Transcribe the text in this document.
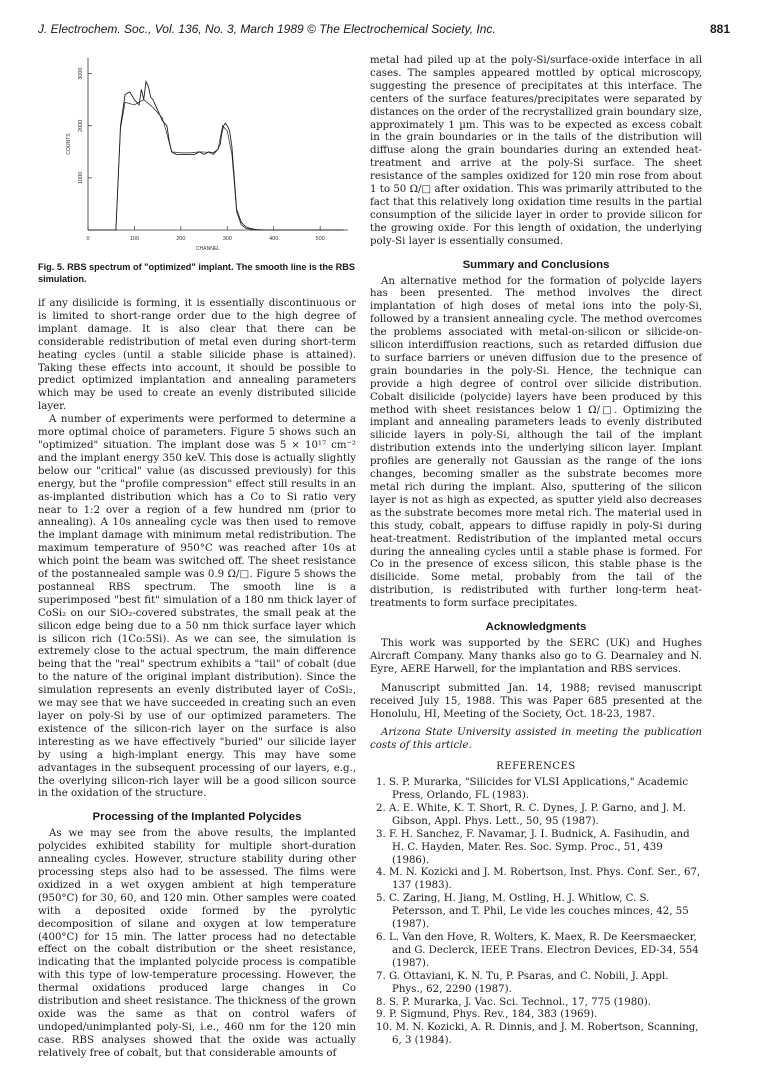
J. Electrochem. Soc., Vol. 136, No. 3, March 1989 © The Electrochemical Society, Inc.	881
0	100	200	300	400	500
1000
2000
3000
CHANNEL
COUNTS
Fig. 5. RBS spectrum of "optimized" implant. The smooth line is the RBS simulation.

if any disilicide is forming, it is essentially discontinuous or is limited to short-range order due to the high degree of implant damage. It is also clear that there can be considerable redistribution of metal even during short-term heating cycles (until a stable silicide phase is attained). Taking these effects into account, it should be possible to predict optimized implantation and annealing parameters which may be used to create an evenly distributed silicide layer.

A number of experiments were performed to determine a more optimal choice of parameters. Figure 5 shows such an "optimized" situation. The implant dose was 5 × 10¹⁷ cm⁻² and the implant energy 350 keV. This dose is actually slightly below our "critical" value (as discussed previously) for this energy, but the "profile compression" effect still results in an as-implanted distribution which has a Co to Si ratio very near to 1:2 over a region of a few hundred nm (prior to annealing). A 10s annealing cycle was then used to remove the implant damage with minimum metal redistribution. The maximum temperature of 950°C was reached after 10s at which point the beam was switched off. The sheet resistance of the postannealed sample was 0.9 Ω/□. Figure 5 shows the postanneal RBS spectrum. The smooth line is a superimposed "best fit" simulation of a 180 nm thick layer of CoSi₂ on our SiO₂-covered substrates, the small peak at the silicon edge being due to a 50 nm thick surface layer which is silicon rich (1Co:5Si). As we can see, the simulation is extremely close to the actual spectrum, the main difference being that the "real" spectrum exhibits a "tail" of cobalt (due to the nature of the original implant distribution). Since the simulation represents an evenly distributed layer of CoSi₂, we may see that we have succeeded in creating such an even layer on poly-Si by use of our optimized parameters. The existence of the silicon-rich layer on the surface is also interesting as we have effectively "buried" our silicide layer by using a high-implant energy. This may have some advantages in the subsequent processing of our layers, e.g., the overlying silicon-rich layer will be a good silicon source in the oxidation of the structure.

Processing of the Implanted Polycides

As we may see from the above results, the implanted polycides exhibited stability for multiple short-duration annealing cycles. However, structure stability during other processing steps also had to be assessed. The films were oxidized in a wet oxygen ambient at high temperature (950°C) for 30, 60, and 120 min. Other samples were coated with a deposited oxide formed by the pyrolytic decomposition of silane and oxygen at low temperature (400°C) for 15 min. The latter process had no detectable effect on the cobalt distribution or the sheet resistance, indicating that the implanted polycide process is compatible with this type of low-temperature processing. However, the thermal oxidations produced large changes in Co distribution and sheet resistance. The thickness of the grown oxide was the same as that on control wafers of undoped/unimplanted poly-Si, i.e., 460 nm for the 120 min case. RBS analyses showed that the oxide was actually relatively free of cobalt, but that considerable amounts of

metal had piled up at the poly-Si/surface-oxide interface in all cases. The samples appeared mottled by optical microscopy, suggesting the presence of precipitates at this interface. The centers of the surface features/precipitates were separated by distances on the order of the recrystallized grain boundary size, approximately 1 µm. This was to be expected as excess cobalt in the grain boundaries or in the tails of the distribution will diffuse along the grain boundaries during an extended heat-treatment and arrive at the poly-Si surface. The sheet resistance of the samples oxidized for 120 min rose from about 1 to 50 Ω/□ after oxidation. This was primarily attributed to the fact that this relatively long oxidation time results in the partial consumption of the silicide layer in order to provide silicon for the growing oxide. For this length of oxidation, the underlying poly-Si layer is essentially consumed.

Summary and Conclusions

An alternative method for the formation of polycide layers has been presented. The method involves the direct implantation of high doses of metal ions into the poly-Si, followed by a transient annealing cycle. The method overcomes the problems associated with metal-on-silicon or silicide-on-silicon interdiffusion reactions, such as retarded diffusion due to surface barriers or uneven diffusion due to the presence of grain boundaries in the poly-Si. Hence, the technique can provide a high degree of control over silicide distribution. Cobalt disilicide (polycide) layers have been produced by this method with sheet resistances below 1 Ω/□. Optimizing the implant and annealing parameters leads to evenly distributed silicide layers in poly-Si, although the tail of the implant distribution extends into the underlying silicon layer. Implant profiles are generally not Gaussian as the range of the ions changes, becoming smaller as the substrate becomes more metal rich during the implant. Also, sputtering of the silicon layer is not as high as expected, as sputter yield also decreases as the substrate becomes more metal rich. The material used in this study, cobalt, appears to diffuse rapidly in poly-Si during heat-treatment. Redistribution of the implanted metal occurs during the annealing cycles until a stable phase is formed. For Co in the presence of excess silicon, this stable phase is the disilicide. Some metal, probably from the tail of the distribution, is redistributed with further long-term heat-treatments to form surface precipitates.

Acknowledgments

This work was supported by the SERC (UK) and Hughes Aircraft Company. Many thanks also go to G. Dearnaley and N. Eyre, AERE Harwell, for the implantation and RBS services.

Manuscript submitted Jan. 14, 1988; revised manuscript received July 15, 1988. This was Paper 685 presented at the Honolulu, HI, Meeting of the Society, Oct. 18-23, 1987.

Arizona State University assisted in meeting the publication costs of this article.

REFERENCES
1. S. P. Murarka, "Silicides for VLSI Applications," Academic Press, Orlando, FL (1983).
2. A. E. White, K. T. Short, R. C. Dynes, J. P. Garno, and J. M. Gibson, Appl. Phys. Lett., 50, 95 (1987).
3. F. H. Sanchez, F. Navamar, J. I. Budnick, A. Fasihudin, and H. C. Hayden, Mater. Res. Soc. Symp. Proc., 51, 439 (1986).
4. M. N. Kozicki and J. M. Robertson, Inst. Phys. Conf. Ser., 67, 137 (1983).
5. C. Zaring, H. Jiang, M. Ostling, H. J. Whitlow, C. S. Petersson, and T. Phil, Le vide les couches minces, 42, 55 (1987).
6. L. Van den Hove, R. Wolters, K. Maex, R. De Keersmaecker, and G. Declerck, IEEE Trans. Electron Devices, ED-34, 554 (1987).
7. G. Ottaviani, K. N. Tu, P. Psaras, and C. Nobili, J. Appl. Phys., 62, 2290 (1987).
8. S. P. Murarka, J. Vac. Sci. Technol., 17, 775 (1980).
9. P. Sigmund, Phys. Rev., 184, 383 (1969).
10. M. N. Kozicki, A. R. Dinnis, and J. M. Robertson, Scanning, 6, 3 (1984).
